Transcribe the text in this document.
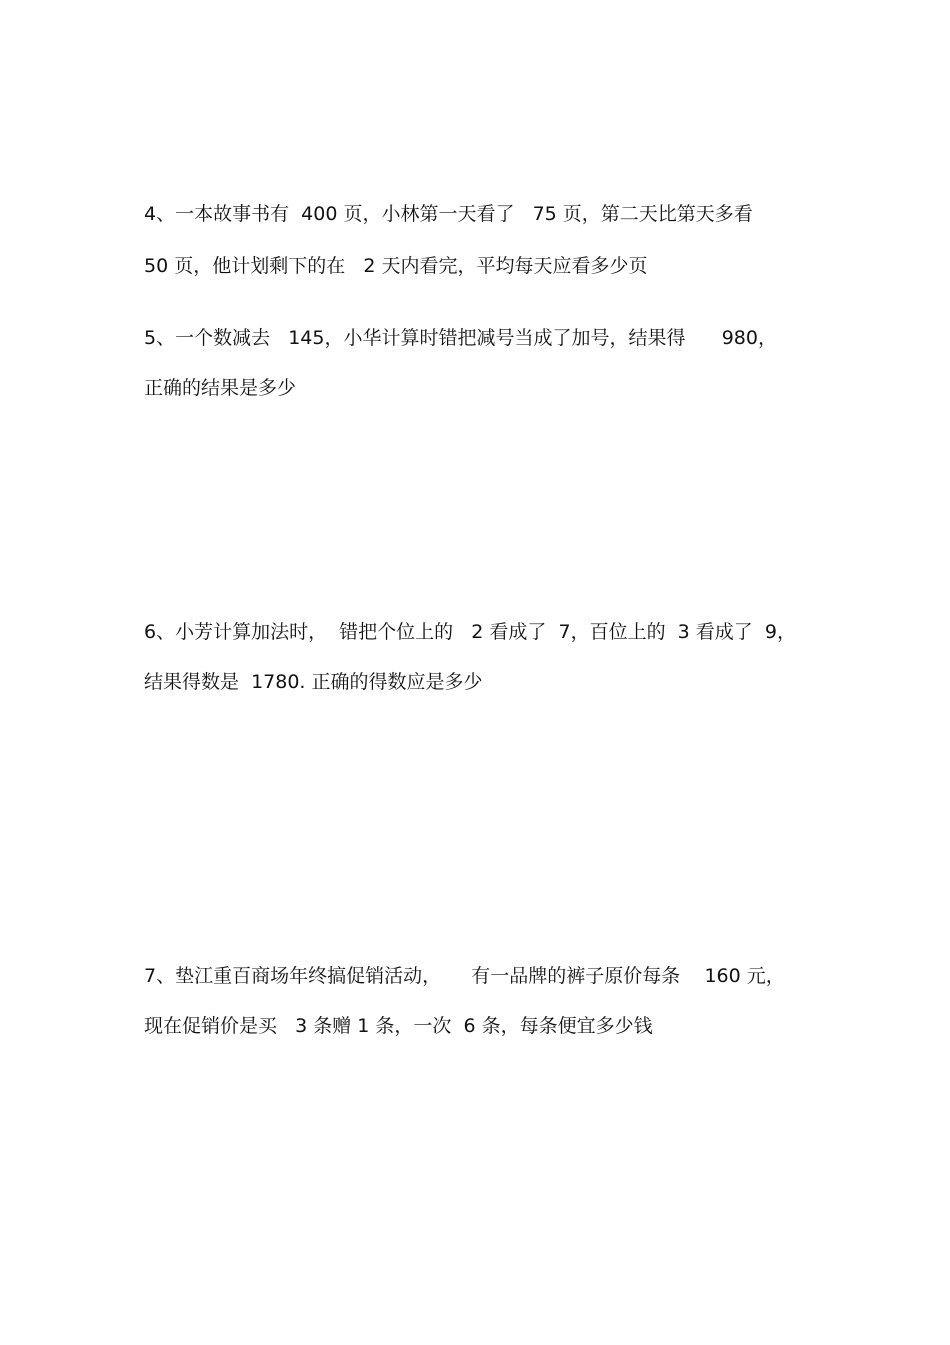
4、一本故事书有  400 页，小林第一天看了   75 页，第二天比第天多看
50 页，他计划剩下的在   2 天内看完，平均每天应看多少页
5、一个数减去   145，小华计算时错把减号当成了加号，结果得      980，
正确的结果是多少
6、小芳计算加法时，  错把个位上的   2 看成了  7，百位上的  3 看成了  9，
结果得数是  1780. 正确的得数应是多少
7、垫江重百商场年终搞促销活动，     有一品牌的裤子原价每条    160 元，
现在促销价是买   3 条赠 1 条，一次  6 条，每条便宜多少钱
